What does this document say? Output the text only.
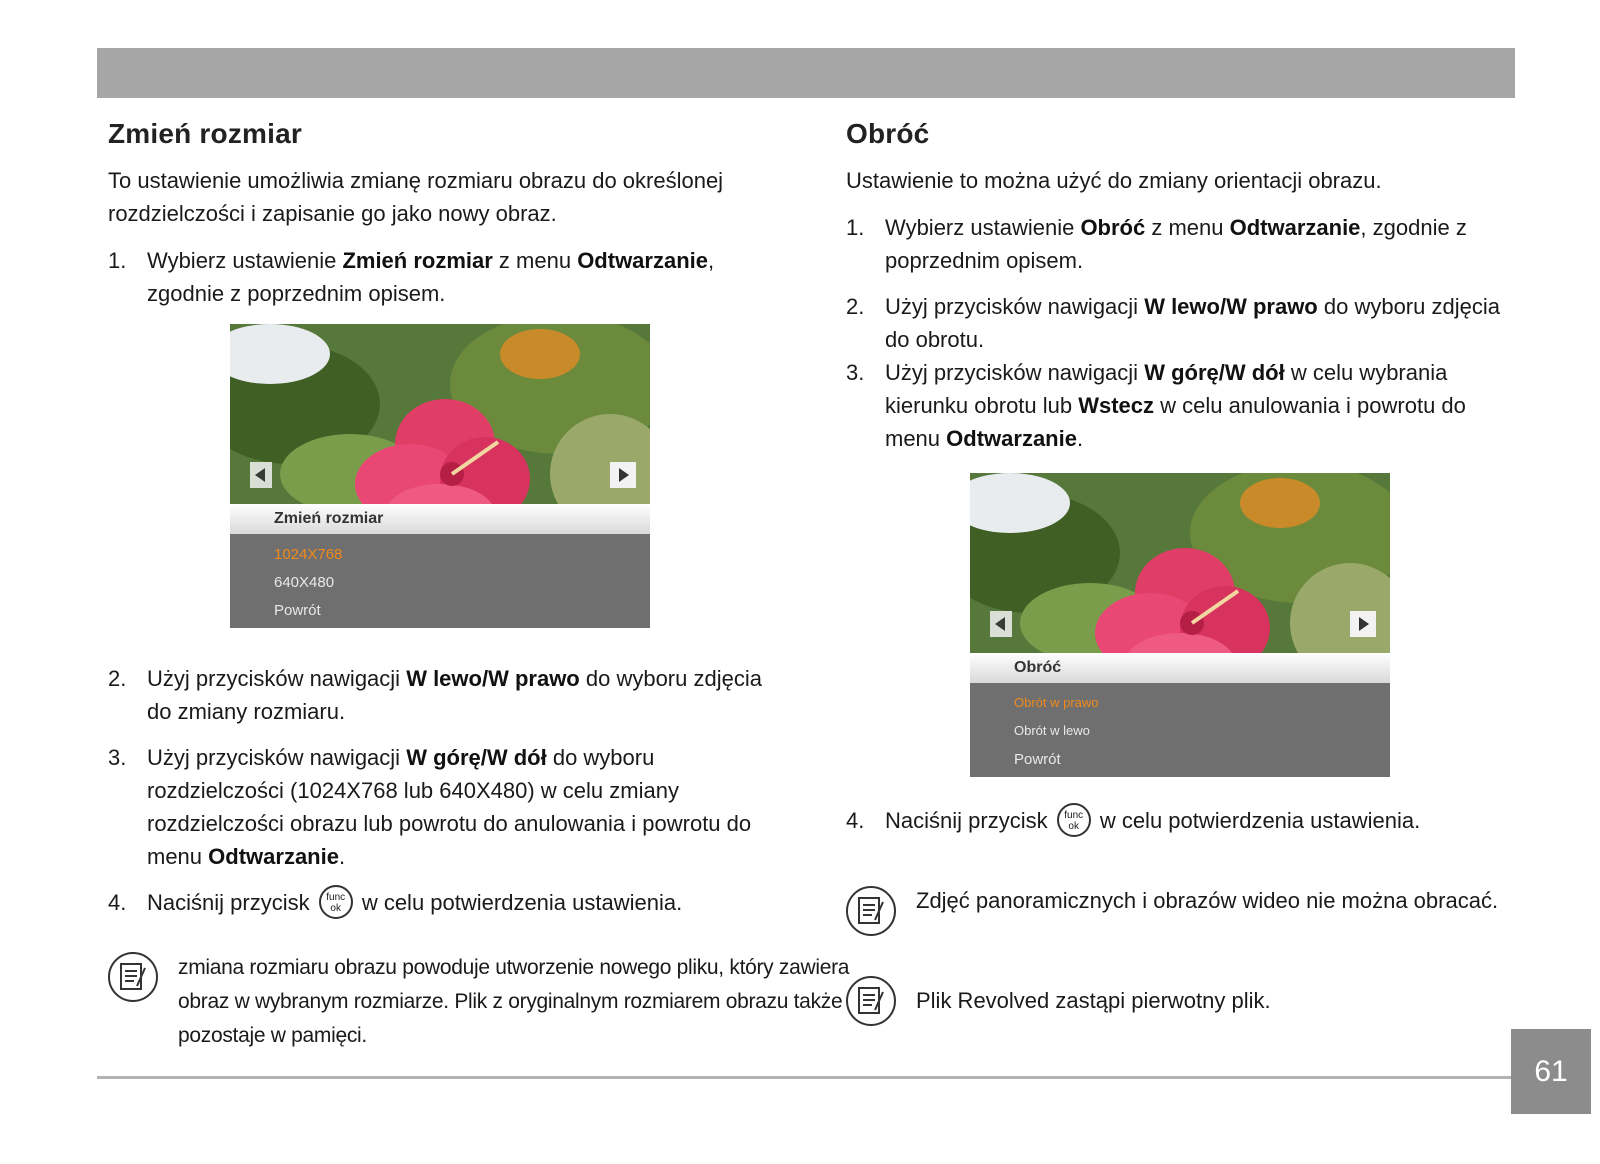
Zmień rozmiar

To ustawienie umożliwia zmianę rozmiaru obrazu do określonej rozdzielczości i zapisanie go jako nowy obraz.

1. Wybierz ustawienie Zmień rozmiar z menu Odtwarzanie, zgodnie z poprzednim opisem.
Zmień rozmiar
1024X768
640X480
Powrót
2. Użyj przycisków nawigacji W lewo/W prawo do wyboru zdjęcia do zmiany rozmiaru.
3. Użyj przycisków nawigacji W górę/W dół do wyboru rozdzielczości (1024X768 lub 640X480) w celu zmiany rozdzielczości obrazu lub powrotu do anulowania i powrotu do menu Odtwarzanie.
4. Naciśnij przycisk func
ok w celu potwierdzenia ustawienia.
zmiana rozmiaru obrazu powoduje utworzenie nowego pliku, który zawiera obraz w wybranym rozmiarze. Plik z oryginalnym rozmiarem obrazu także pozostaje w pamięci.
Obróć

Ustawienie to można użyć do zmiany orientacji obrazu.

1. Wybierz ustawienie Obróć z menu Odtwarzanie, zgodnie z poprzednim opisem.
2. Użyj przycisków nawigacji W lewo/W prawo do wyboru zdjęcia do obrotu.
3. Użyj przycisków nawigacji W górę/W dół w celu wybrania kierunku obrotu lub Wstecz w celu anulowania i powrotu do menu Odtwarzanie.
Obróć
Obrót w prawo
Obrót w lewo
Powrót
4. Naciśnij przycisk func
ok w celu potwierdzenia ustawienia.
Zdjęć panoramicznych i obrazów wideo nie można obracać.
Plik Revolved zastąpi pierwotny plik.
61
